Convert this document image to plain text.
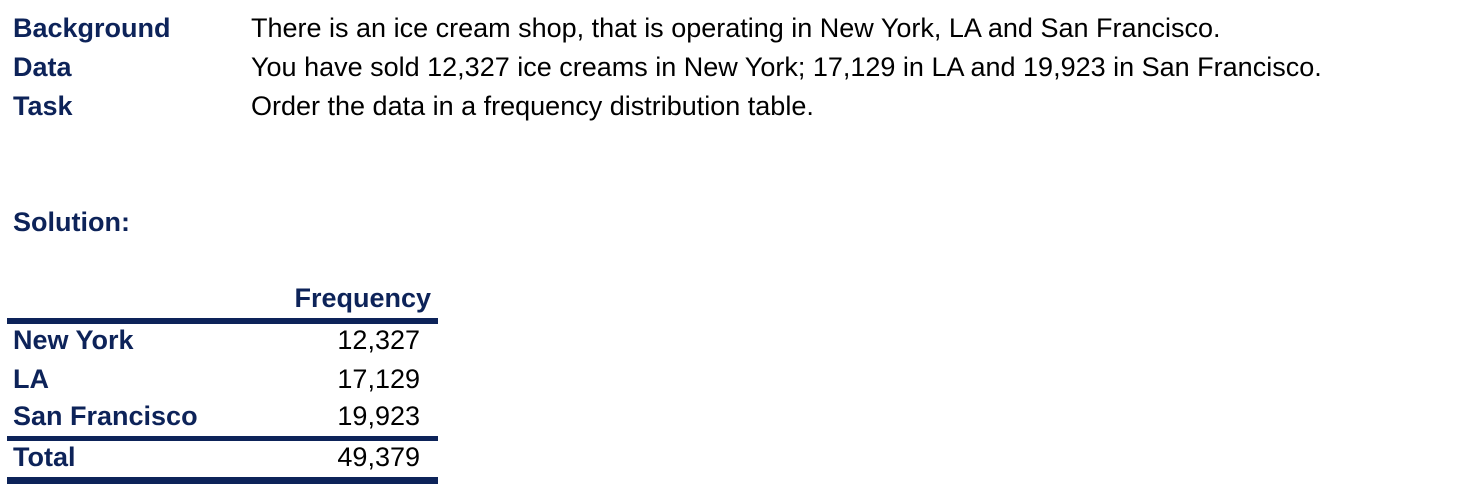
Background	There is an ice cream shop, that is operating in New York, LA and San Francisco.
Data	You have sold 12,327 ice creams in New York; 17,129 in LA and 19,923 in San Francisco.
Task	Order the data in a frequency distribution table.
Solution:
Frequency
New York	12,327
LA	17,129
San Francisco	19,923
Total	49,379
